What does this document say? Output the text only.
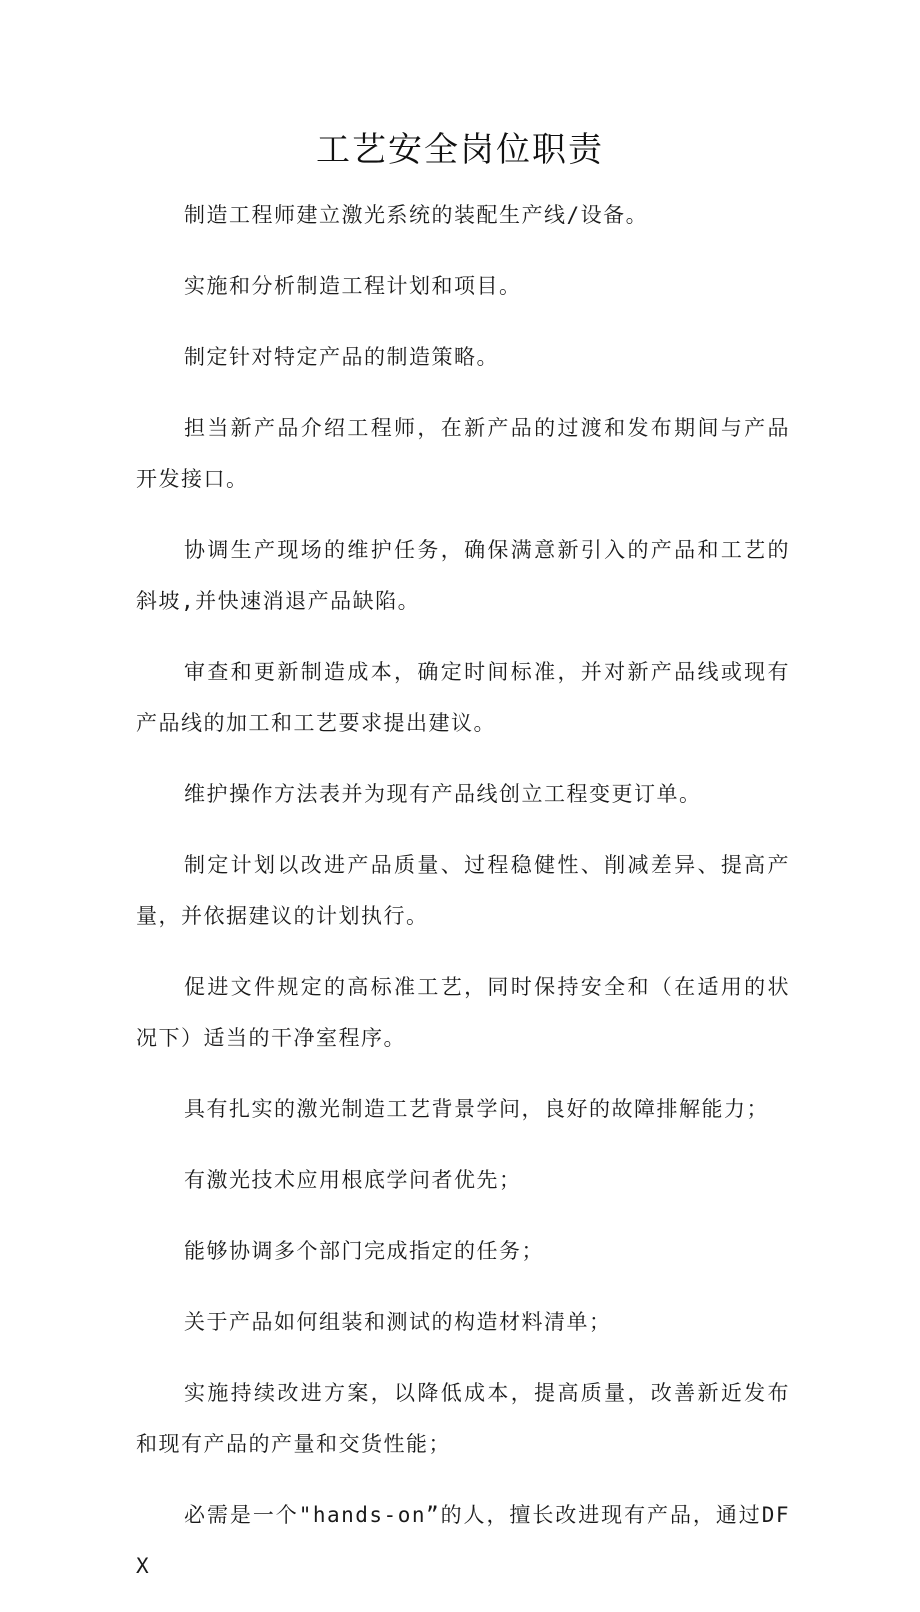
工艺安全岗位职责

制造工程师建立激光系统的装配生产线/设备。

实施和分析制造工程计划和项目。

制定针对特定产品的制造策略。

担当新产品介绍工程师，在新产品的过渡和发布期间与产品开发接口。

协调生产现场的维护任务，确保满意新引入的产品和工艺的斜坡,并快速消退产品缺陷。

审查和更新制造成本，确定时间标准，并对新产品线或现有产品线的加工和工艺要求提出建议。

维护操作方法表并为现有产品线创立工程变更订单。

制定计划以改进产品质量、过程稳健性、削减差异、提高产量，并依据建议的计划执行。

促进文件规定的高标准工艺，同时保持安全和（在适用的状况下）适当的干净室程序。

具有扎实的激光制造工艺背景学问，良好的故障排解能力；

有激光技术应用根底学问者优先；

能够协调多个部门完成指定的任务；

关于产品如何组装和测试的构造材料清单；

实施持续改进方案，以降低成本，提高质量，改善新近发布和现有产品的产量和交货性能；

必需是一个"hands-on”的人，擅长改进现有产品，通过DFX
